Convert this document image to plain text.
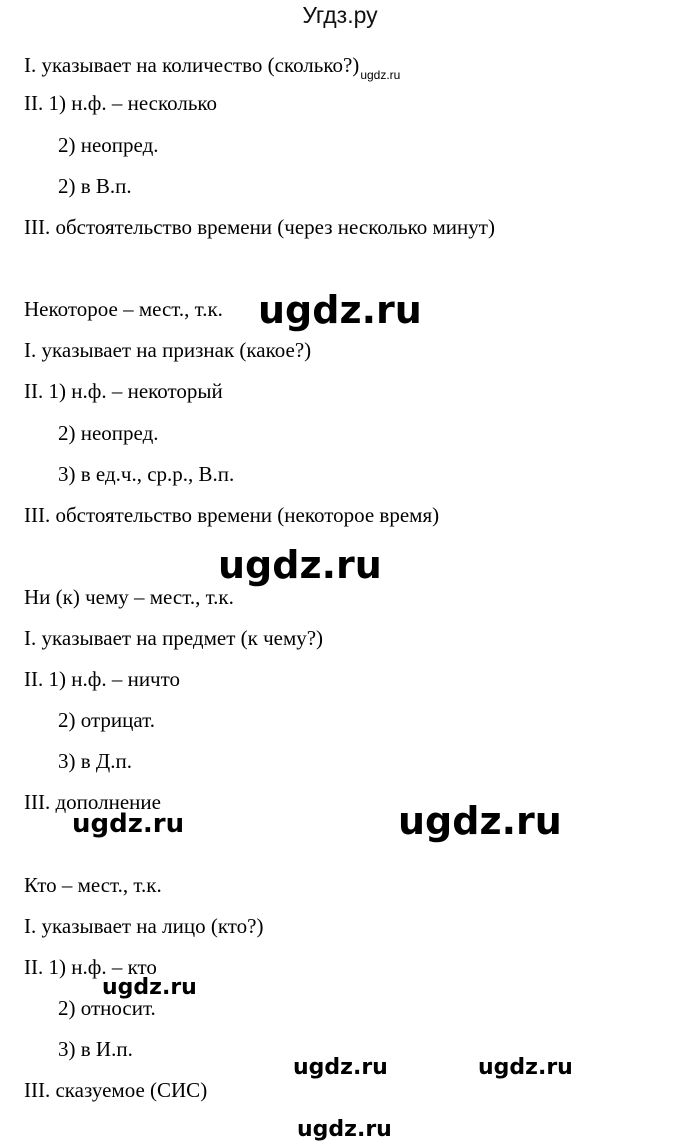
Угдз.ру
I. указывает на количество $(сколько?)_{ugdz.ru}$
II. 1) н.ф. – несколько
2) неопред.
2) в В.п.
III. обстоятельство времени (через несколько минут)
Некоторое – мест., т.к.
I. указывает на признак (какое?)
II. 1) н.ф. – некоторый
2) неопред.
3) в ед.ч., ср.р., В.п.
III. обстоятельство времени (некоторое время)
Ни (к) чему – мест., т.к.
I. указывает на предмет (к чему?)
II. 1) н.ф. – ничто
2) отрицат.
3) в Д.п.
III. дополнение
Кто – мест., т.к.
I. указывает на лицо (кто?)
II. 1) н.ф. – кто
2) относит.
3) в И.п.
III. сказуемое (СИС)
ugdz.ru
ugdz.ru
ugdz.ru
ugdz.ru
ugdz.ru
ugdz.ru	ugdz.ru
ugdz.ru
